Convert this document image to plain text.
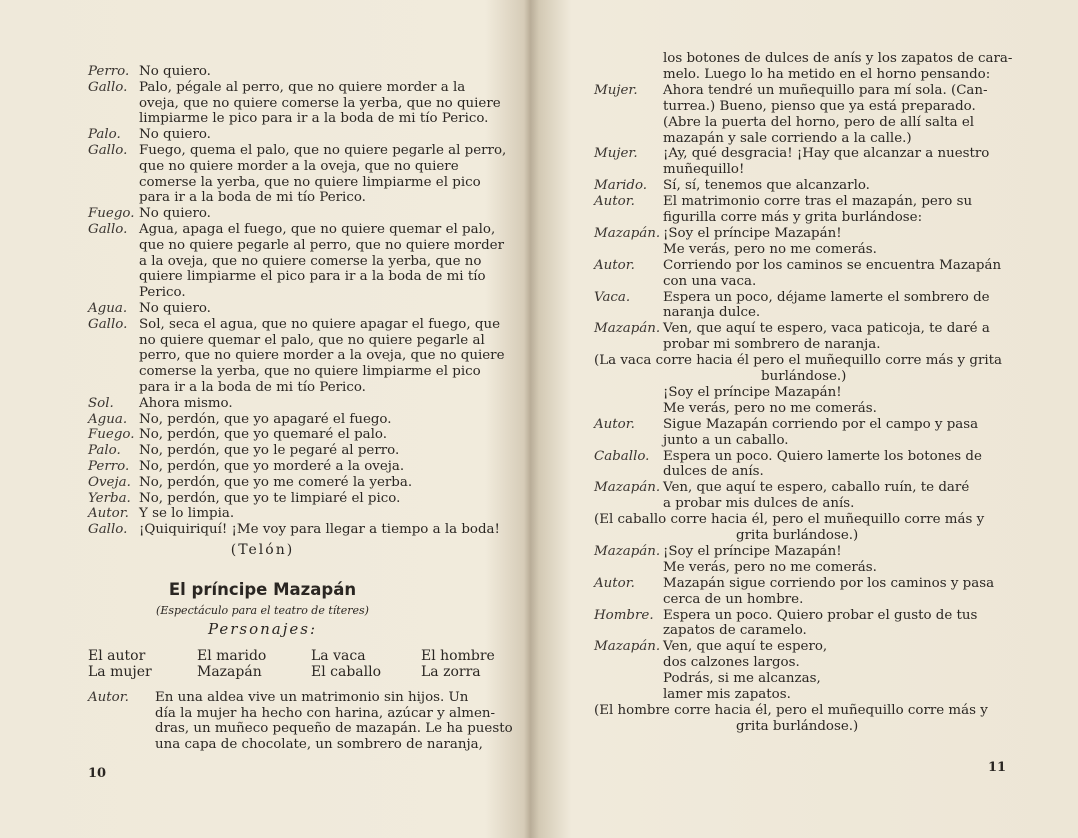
Perro. No quiero.
Gallo. Palo, pégale al perro, que no quiere morder a la
oveja, que no quiere comerse la yerba, que no quiere
limpiarme le pico para ir a la boda de mi tío Perico.
Palo. No quiero.
Gallo. Fuego, quema el palo, que no quiere pegarle al perro,
que no quiere morder a la oveja, que no quiere
comerse la yerba, que no quiere limpiarme el pico
para ir a la boda de mi tío Perico.
Fuego. No quiero.
Gallo. Agua, apaga el fuego, que no quiere quemar el palo,
que no quiere pegarle al perro, que no quiere morder
a la oveja, que no quiere comerse la yerba, que no
quiere limpiarme el pico para ir a la boda de mi tío
Perico.
Agua. No quiero.
Gallo. Sol, seca el agua, que no quiere apagar el fuego, que
no quiere quemar el palo, que no quiere pegarle al
perro, que no quiere morder a la oveja, que no quiere
comerse la yerba, que no quiere limpiarme el pico
para ir a la boda de mi tío Perico.
Sol. Ahora mismo.
Agua. No, perdón, que yo apagaré el fuego.
Fuego. No, perdón, que yo quemaré el palo.
Palo. No, perdón, que yo le pegaré al perro.
Perro. No, perdón, que yo morderé a la oveja.
Oveja. No, perdón, que yo me comeré la yerba.
Yerba. No, perdón, que yo te limpiaré el pico.
Autor. Y se lo limpia.
Gallo. ¡Quiquiriquí! ¡Me voy para llegar a tiempo a la boda!
(Telón)
El príncipe Mazapán
(Espectáculo para el teatro de títeres)
Personajes:
El autor	El marido	La vaca	El hombre
La mujer	Mazapán	El caballo	La zorra
Autor. En una aldea vive un matrimonio sin hijos. Un
día la mujer ha hecho con harina, azúcar y almen-
dras, un muñeco pequeño de mazapán. Le ha puesto
una capa de chocolate, un sombrero de naranja,
10
los botones de dulces de anís y los zapatos de cara-
melo. Luego lo ha metido en el horno pensando:
Mujer. Ahora tendré un muñequillo para mí sola. (Can-
turrea.) Bueno, pienso que ya está preparado.
(Abre la puerta del horno, pero de allí salta el
mazapán y sale corriendo a la calle.)
Mujer. ¡Ay, qué desgracia! ¡Hay que alcanzar a nuestro
muñequillo!
Marido. Sí, sí, tenemos que alcanzarlo.
Autor. El matrimonio corre tras el mazapán, pero su
figurilla corre más y grita burlándose:
Mazapán. ¡Soy el príncipe Mazapán!
Me verás, pero no me comerás.
Autor. Corriendo por los caminos se encuentra Mazapán
con una vaca.
Vaca. Espera un poco, déjame lamerte el sombrero de
naranja dulce.
Mazapán. Ven, que aquí te espero, vaca paticoja, te daré a
probar mi sombrero de naranja.
(La vaca corre hacia él pero el muñequillo corre más y grita
burlándose.)
¡Soy el príncipe Mazapán!
Me verás, pero no me comerás.
Autor. Sigue Mazapán corriendo por el campo y pasa
junto a un caballo.
Caballo. Espera un poco. Quiero lamerte los botones de
dulces de anís.
Mazapán. Ven, que aquí te espero, caballo ruín, te daré
a probar mis dulces de anís.
(El caballo corre hacia él, pero el muñequillo corre más y
grita burlándose.)
Mazapán. ¡Soy el príncipe Mazapán!
Me verás, pero no me comerás.
Autor. Mazapán sigue corriendo por los caminos y pasa
cerca de un hombre.
Hombre. Espera un poco. Quiero probar el gusto de tus
zapatos de caramelo.
Mazapán. Ven, que aquí te espero,
dos calzones largos.
Podrás, si me alcanzas,
lamer mis zapatos.
(El hombre corre hacia él, pero el muñequillo corre más y
grita burlándose.)
11
